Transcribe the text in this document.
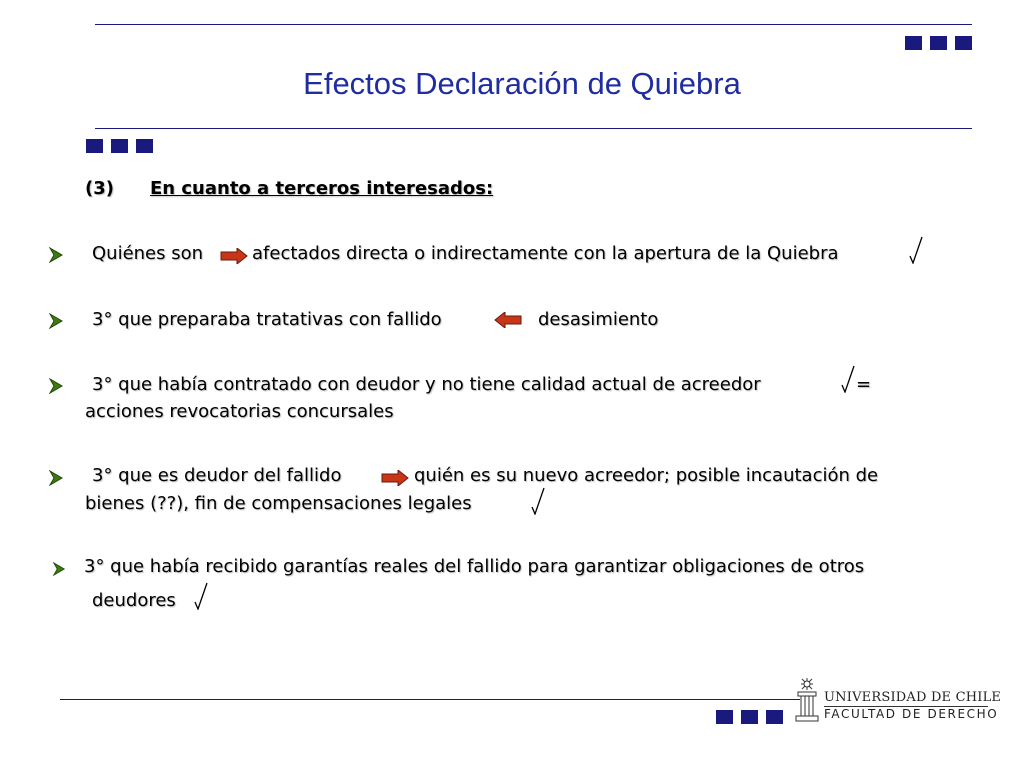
Efectos Declaración de Quiebra
(3) En cuanto a terceros interesados:
Quiénes son	afectados directa o indirectamente con la apertura de la Quiebra
3° que preparaba tratativas con fallido	desasimiento
3° que había contratado con deudor y no tiene calidad actual de acreedor	=
acciones revocatorias concursales
3° que es deudor del fallido	quién es su nuevo acreedor; posible incautación de
bienes (??), fin de compensaciones legales
3° que había recibido garantías reales del fallido para garantizar obligaciones de otros
deudores
UNIVERSIDAD DE CHILE
FACULTAD DE DERECHO
